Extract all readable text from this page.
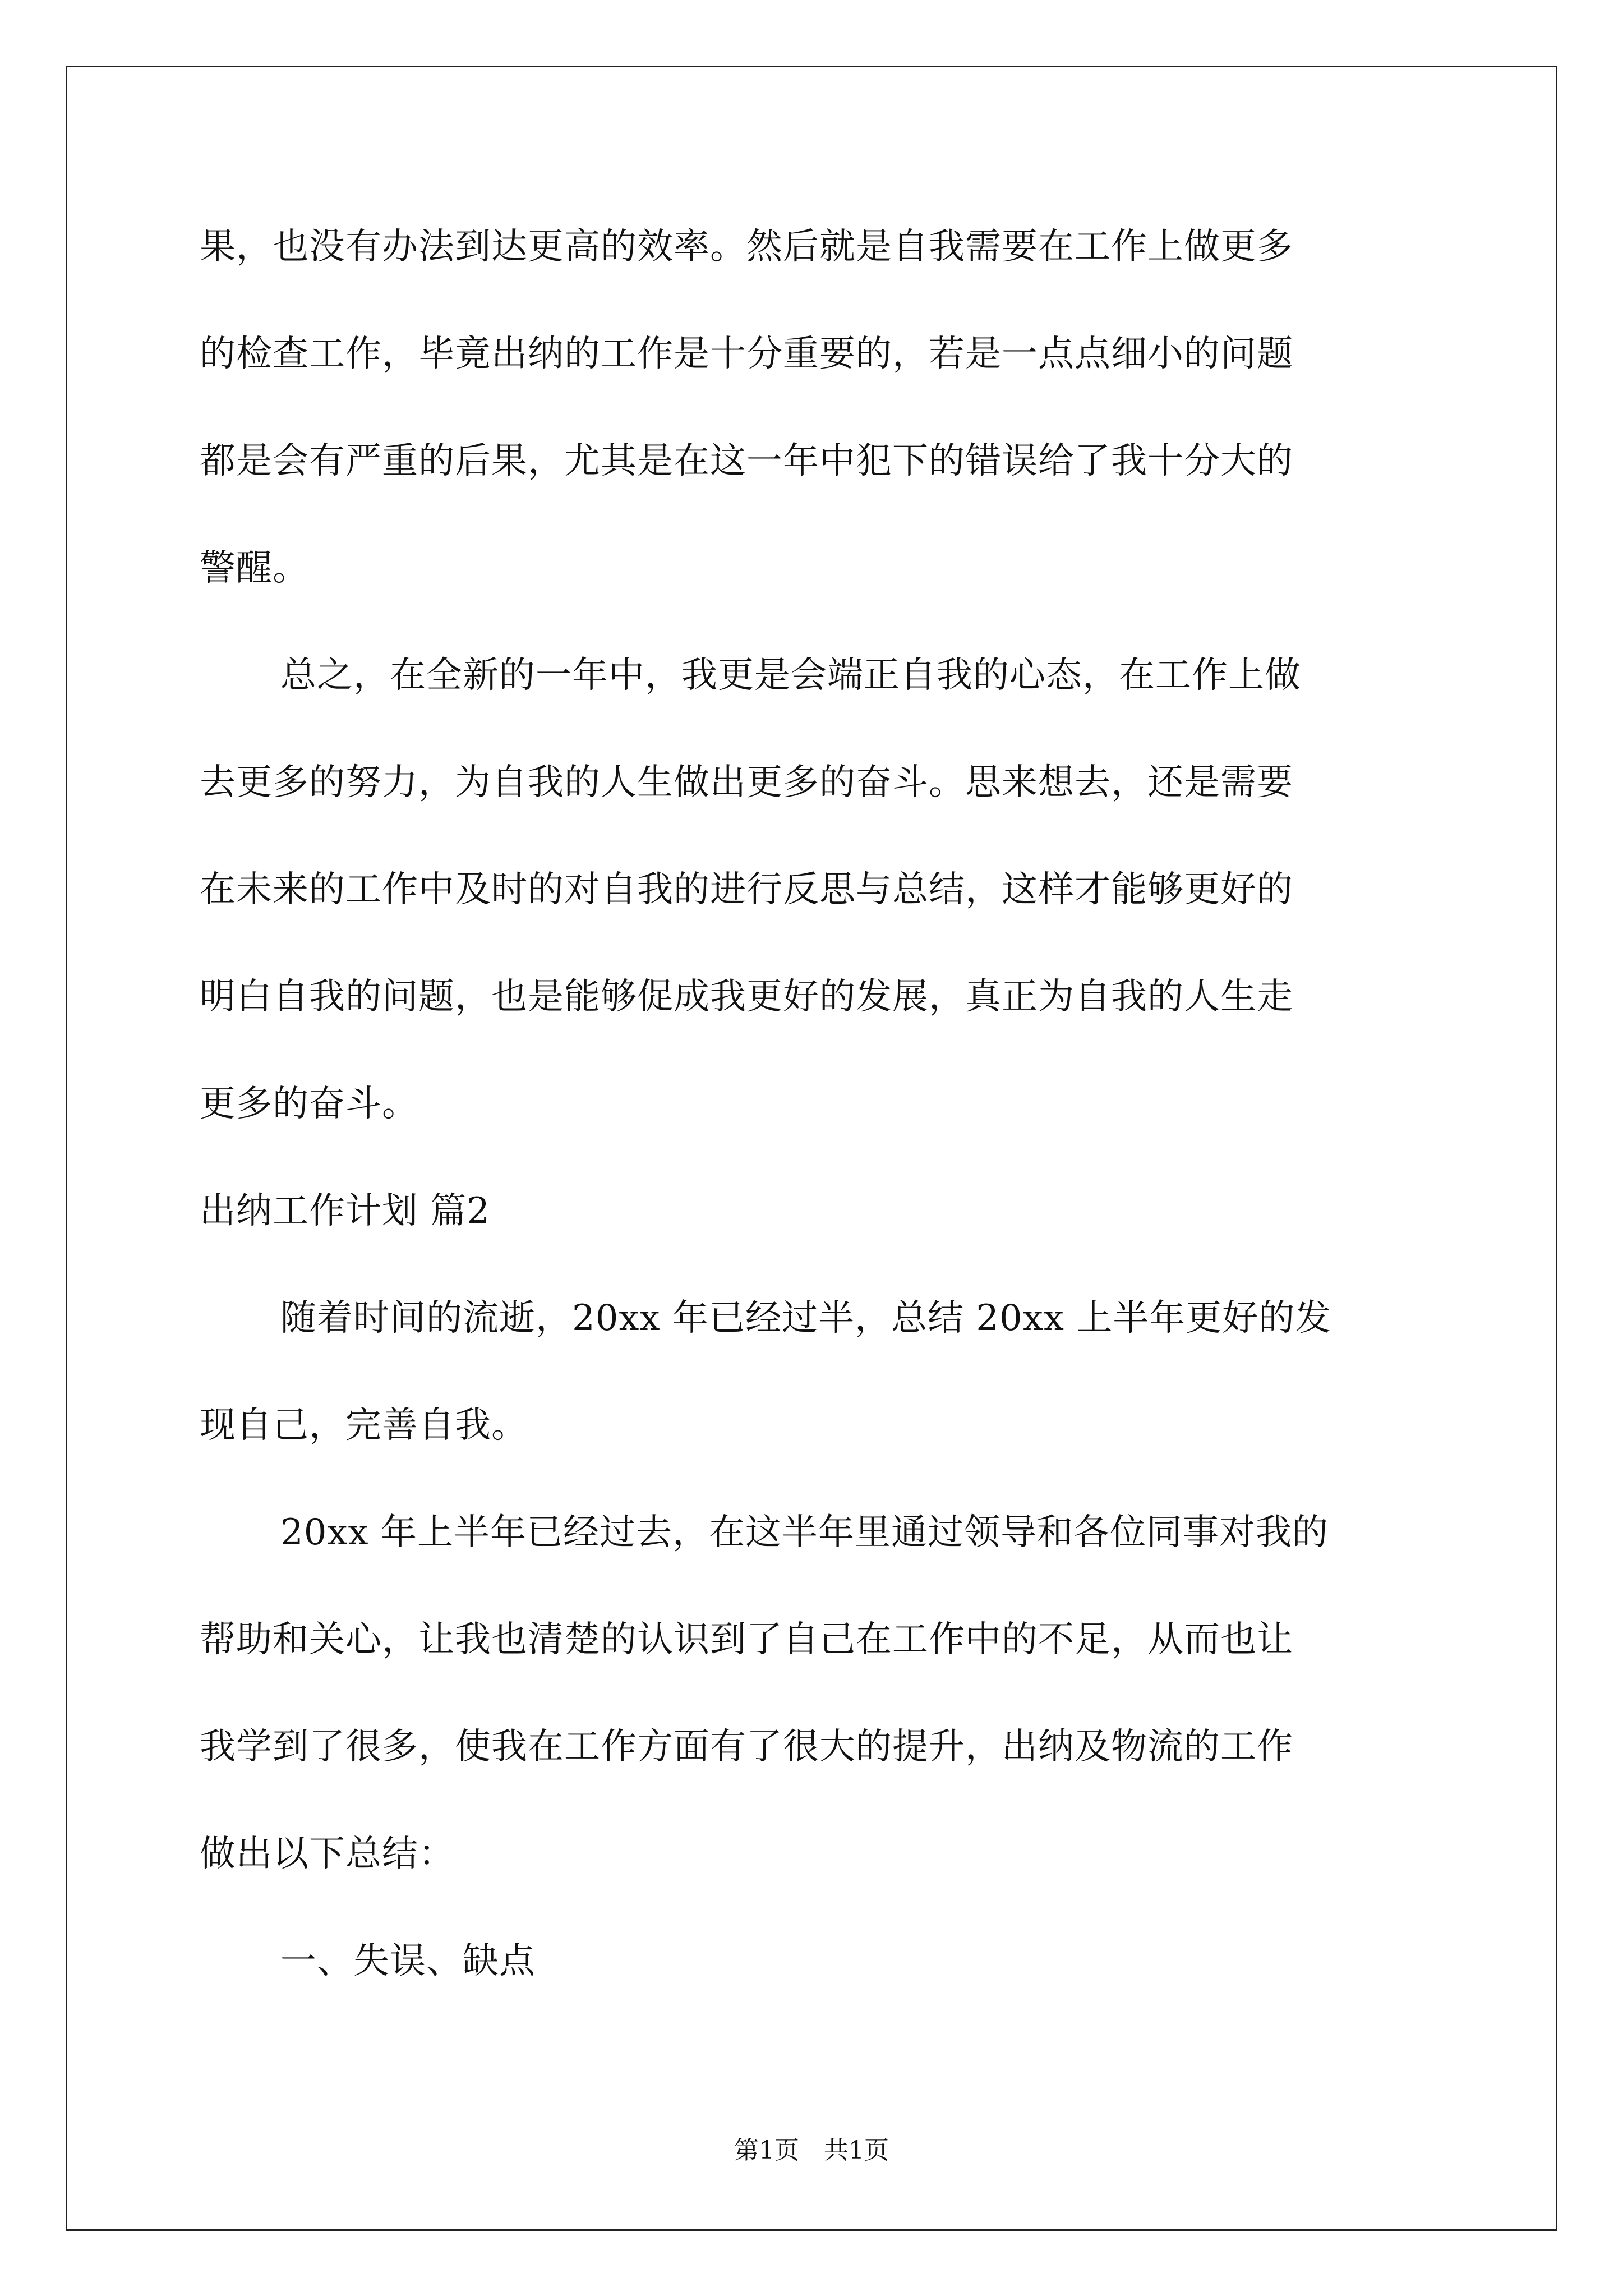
果，也没有办法到达更高的效率。然后就是自我需要在工作上做更多
的检查工作，毕竟出纳的工作是十分重要的，若是一点点细小的问题
都是会有严重的后果，尤其是在这一年中犯下的错误给了我十分大的
警醒。
总之，在全新的一年中，我更是会端正自我的心态，在工作上做
去更多的努力，为自我的人生做出更多的奋斗。思来想去，还是需要
在未来的工作中及时的对自我的进行反思与总结，这样才能够更好的
明白自我的问题，也是能够促成我更好的发展，真正为自我的人生走
更多的奋斗。
出纳工作计划 篇2
随着时间的流逝，20xx 年已经过半，总结 20xx 上半年更好的发
现自己，完善自我。
20xx 年上半年已经过去，在这半年里通过领导和各位同事对我的
帮助和关心，让我也清楚的认识到了自己在工作中的不足，从而也让
我学到了很多，使我在工作方面有了很大的提升，出纳及物流的工作
做出以下总结：
一、失误、缺点
第1页　共1页
